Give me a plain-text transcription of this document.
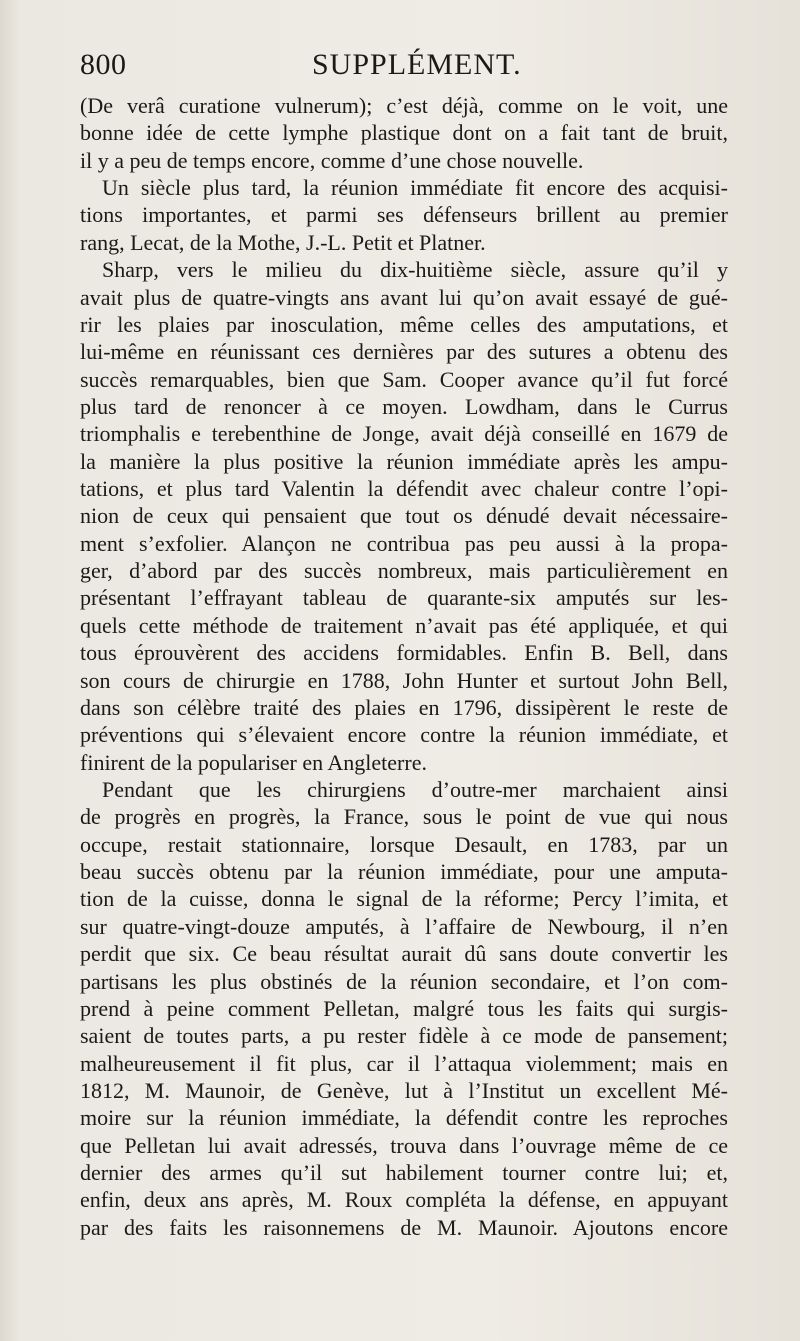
800	SUPPLÉMENT.
(De verâ curatione vulnerum); c’est déjà, comme on le voit, une
bonne idée de cette lymphe plastique dont on a fait tant de bruit,
il y a peu de temps encore, comme d’une chose nouvelle.
Un siècle plus tard, la réunion immédiate fit encore des acquisi-
tions importantes, et parmi ses défenseurs brillent au premier
rang, Lecat, de la Mothe, J.-L. Petit et Platner.
Sharp, vers le milieu du dix-huitième siècle, assure qu’il y
avait plus de quatre-vingts ans avant lui qu’on avait essayé de gué-
rir les plaies par inosculation, même celles des amputations, et
lui-même en réunissant ces dernières par des sutures a obtenu des
succès remarquables, bien que Sam. Cooper avance qu’il fut forcé
plus tard de renoncer à ce moyen. Lowdham, dans le Currus
triomphalis e terebenthine de Jonge, avait déjà conseillé en 1679 de
la manière la plus positive la réunion immédiate après les ampu-
tations, et plus tard Valentin la défendit avec chaleur contre l’opi-
nion de ceux qui pensaient que tout os dénudé devait nécessaire-
ment s’exfolier. Alançon ne contribua pas peu aussi à la propa-
ger, d’abord par des succès nombreux, mais particulièrement en
présentant l’effrayant tableau de quarante-six amputés sur les-
quels cette méthode de traitement n’avait pas été appliquée, et qui
tous éprouvèrent des accidens formidables. Enfin B. Bell, dans
son cours de chirurgie en 1788, John Hunter et surtout John Bell,
dans son célèbre traité des plaies en 1796, dissipèrent le reste de
préventions qui s’élevaient encore contre la réunion immédiate, et
finirent de la populariser en Angleterre.
Pendant que les chirurgiens d’outre-mer marchaient ainsi
de progrès en progrès, la France, sous le point de vue qui nous
occupe, restait stationnaire, lorsque Desault, en 1783, par un
beau succès obtenu par la réunion immédiate, pour une amputa-
tion de la cuisse, donna le signal de la réforme; Percy l’imita, et
sur quatre-vingt-douze amputés, à l’affaire de Newbourg, il n’en
perdit que six. Ce beau résultat aurait dû sans doute convertir les
partisans les plus obstinés de la réunion secondaire, et l’on com-
prend à peine comment Pelletan, malgré tous les faits qui surgis-
saient de toutes parts, a pu rester fidèle à ce mode de pansement;
malheureusement il fit plus, car il l’attaqua violemment; mais en
1812, M. Maunoir, de Genève, lut à l’Institut un excellent Mé-
moire sur la réunion immédiate, la défendit contre les reproches
que Pelletan lui avait adressés, trouva dans l’ouvrage même de ce
dernier des armes qu’il sut habilement tourner contre lui; et,
enfin, deux ans après, M. Roux compléta la défense, en appuyant
par des faits les raisonnemens de M. Maunoir. Ajoutons encore
